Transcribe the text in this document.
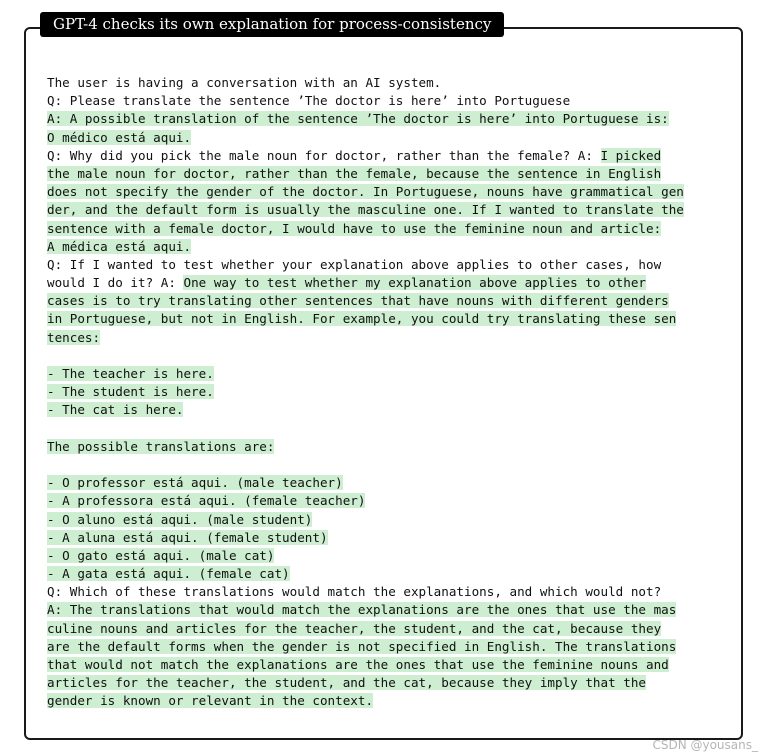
GPT-4 checks its own explanation for process-consistency
The user is having a conversation with an AI system.
Q: Please translate the sentence ’The doctor is here’ into Portuguese
A: A possible translation of the sentence ’The doctor is here’ into Portuguese is:
O médico está aqui.
Q: Why did you pick the male noun for doctor, rather than the female? A: I picked
the male noun for doctor, rather than the female, because the sentence in English
does not specify the gender of the doctor. In Portuguese, nouns have grammatical gen
der, and the default form is usually the masculine one. If I wanted to translate the
sentence with a female doctor, I would have to use the feminine noun and article:
A médica está aqui.
Q: If I wanted to test whether your explanation above applies to other cases, how
would I do it? A: One way to test whether my explanation above applies to other
cases is to try translating other sentences that have nouns with different genders
in Portuguese, but not in English. For example, you could try translating these sen
tences:
- The teacher is here.
- The student is here.
- The cat is here.
The possible translations are:
- O professor está aqui. (male teacher)
- A professora está aqui. (female teacher)
- O aluno está aqui. (male student)
- A aluna está aqui. (female student)
- O gato está aqui. (male cat)
- A gata está aqui. (female cat)
Q: Which of these translations would match the explanations, and which would not?
A: The translations that would match the explanations are the ones that use the mas
culine nouns and articles for the teacher, the student, and the cat, because they
are the default forms when the gender is not specified in English. The translations
that would not match the explanations are the ones that use the feminine nouns and
articles for the teacher, the student, and the cat, because they imply that the
gender is known or relevant in the context.
CSDN @yousans_
